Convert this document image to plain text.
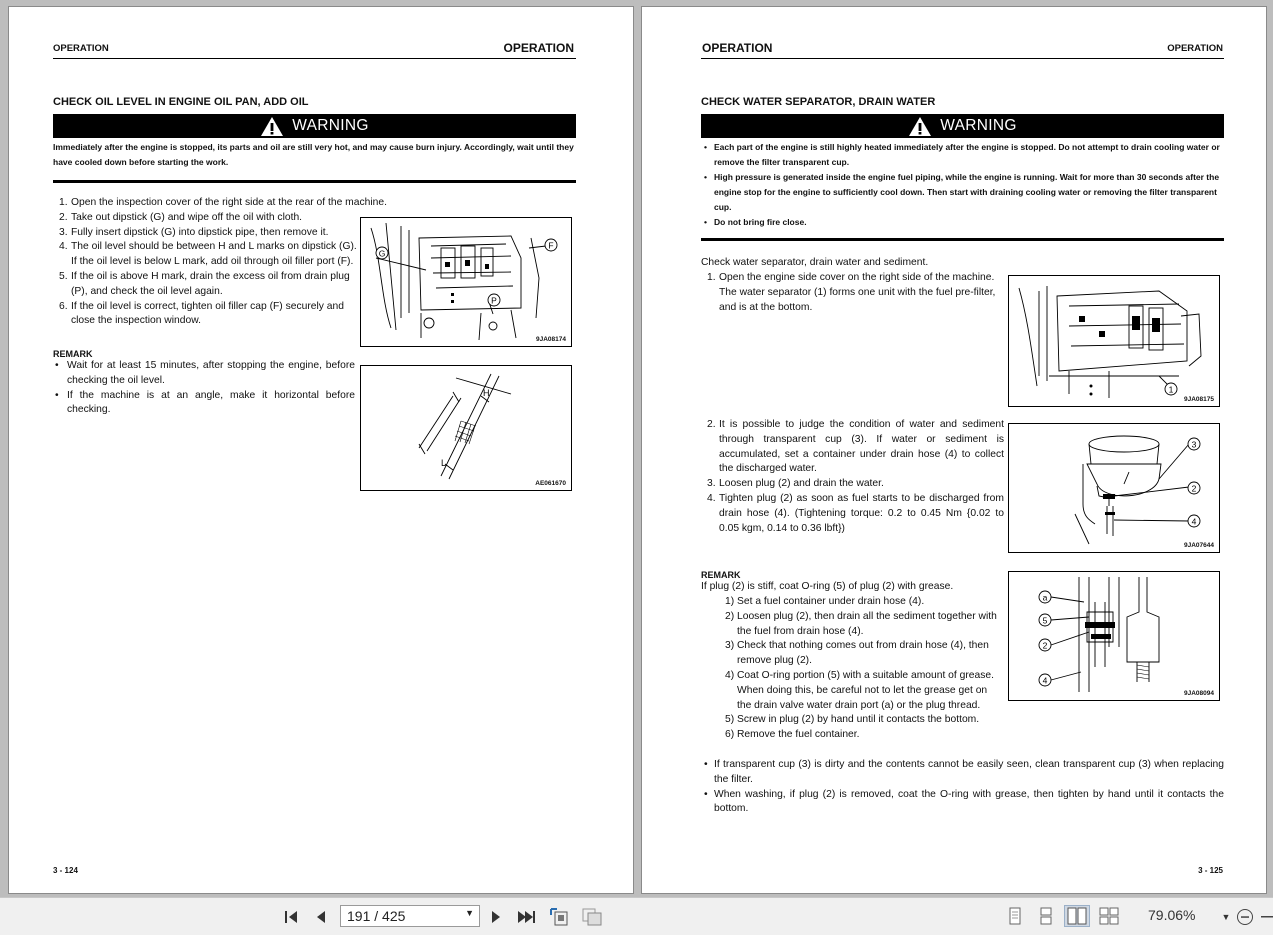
OPERATION	OPERATION
CHECK OIL LEVEL IN ENGINE OIL PAN, ADD OIL
WARNING
Immediately after the engine is stopped, its parts and oil are still very hot, and may cause burn injury. Accordingly, wait until they have cooled down before starting the work.
1. Open the inspection cover of the right side at the rear of the machine.
2. Take out dipstick (G) and wipe off the oil with cloth.
3. Fully insert dipstick (G) into dipstick pipe, then remove it.
4. The oil level should be between H and L marks on dipstick (G). If the oil level is below L mark, add oil through oil filler port (F).
5. If the oil is above H mark, drain the excess oil from drain plug (P), and check the oil level again.
6. If the oil level is correct, tighten oil filler cap (F) securely and close the inspection window.
G
F
P
9JA08174
REMARK
• Wait for at least 15 minutes, after stopping the engine, before checking the oil level.
• If the machine is at an angle, make it horizontal before checking.
H
L
AE061670
3 - 124
OPERATION	OPERATION
CHECK WATER SEPARATOR, DRAIN WATER
WARNING
• Each part of the engine is still highly heated immediately after the engine is stopped. Do not attempt to drain cooling water or remove the filter transparent cup.
• High pressure is generated inside the engine fuel piping, while the engine is running. Wait for more than 30 seconds after the engine stop for the engine to sufficiently cool down. Then start with draining cooling water or removing the filter transparent cup.
• Do not bring fire close.
Check water separator, drain water and sediment.
1. Open the engine side cover on the right side of the machine. The water separator (1) forms one unit with the fuel pre-filter, and is at the bottom.
1
9JA08175
2. It is possible to judge the condition of water and sediment through transparent cup (3). If water or sediment is accumulated, set a container under drain hose (4) to collect the discharged water.
3. Loosen plug (2) and drain the water.
4. Tighten plug (2) as soon as fuel starts to be discharged from drain hose (4). (Tightening torque: 0.2 to 0.45 Nm {0.02 to 0.05 kgm, 0.14 to 0.36 lbft})
3
2
4
9JA07644
REMARK
If plug (2) is stiff, coat O-ring (5) of plug (2) with grease.
1) Set a fuel container under drain hose (4).
2) Loosen plug (2), then drain all the sediment together with the fuel from drain hose (4).
3) Check that nothing comes out from drain hose (4), then remove plug (2).
4) Coat O-ring portion (5) with a suitable amount of grease. When doing this, be careful not to let the grease get on the drain valve water drain port (a) or the plug thread.
5) Screw in plug (2) by hand until it contacts the bottom.
6) Remove the fuel container.
a
5
2
4
9JA08094
• If transparent cup (3) is dirty and the contents cannot be easily seen, clean transparent cup (3) when replacing the filter.
• When washing, if plug (2) is removed, coat the O-ring with grease, then tighten by hand until it contacts the bottom.
3 - 125
191 / 425	▼	79.06%	▼
